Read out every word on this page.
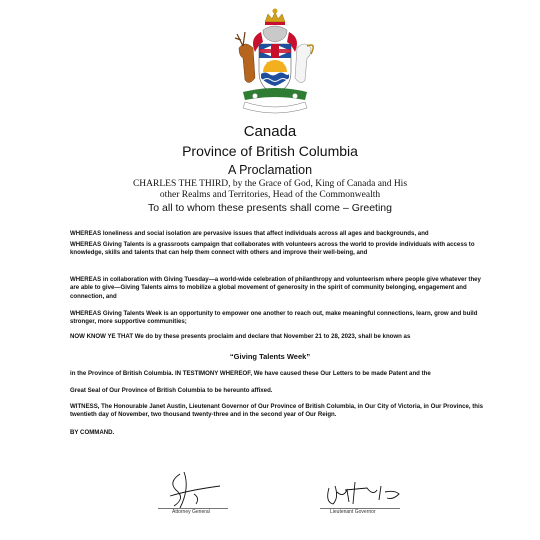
Canada
Province of British Columbia
A Proclamation
CHARLES THE THIRD, by the Grace of God, King of Canada and His other Realms and Territories, Head of the Commonwealth
To all to whom these presents shall come – Greeting
WHEREAS loneliness and social isolation are pervasive issues that affect individuals across all ages and backgrounds, and
WHEREAS Giving Talents is a grassroots campaign that collaborates with volunteers across the world to provide individuals with access to knowledge, skills and talents that can help them connect with others and improve their well-being, and
WHEREAS in collaboration with Giving Tuesday—a world-wide celebration of philanthropy and volunteerism where people give whatever they are able to give—Giving Talents aims to mobilize a global movement of generosity in the spirit of community belonging, engagement and connection, and
WHEREAS Giving Talents Week is an opportunity to empower one another to reach out, make meaningful connections, learn, grow and build stronger, more supportive communities;
NOW KNOW YE THAT We do by these presents proclaim and declare that November 21 to 28, 2023, shall be known as
“Giving Talents Week”
in the Province of British Columbia. IN TESTIMONY WHEREOF, We have caused these Our Letters to be made Patent and the
Great Seal of Our Province of British Columbia to be hereunto affixed.
WITNESS, The Honourable Janet Austin, Lieutenant Governor of Our Province of British Columbia, in Our City of Victoria, in Our Province, this twentieth day of November, two thousand twenty-three and in the second year of Our Reign.
BY COMMAND.
Attorney General	Lieutenant Governor
